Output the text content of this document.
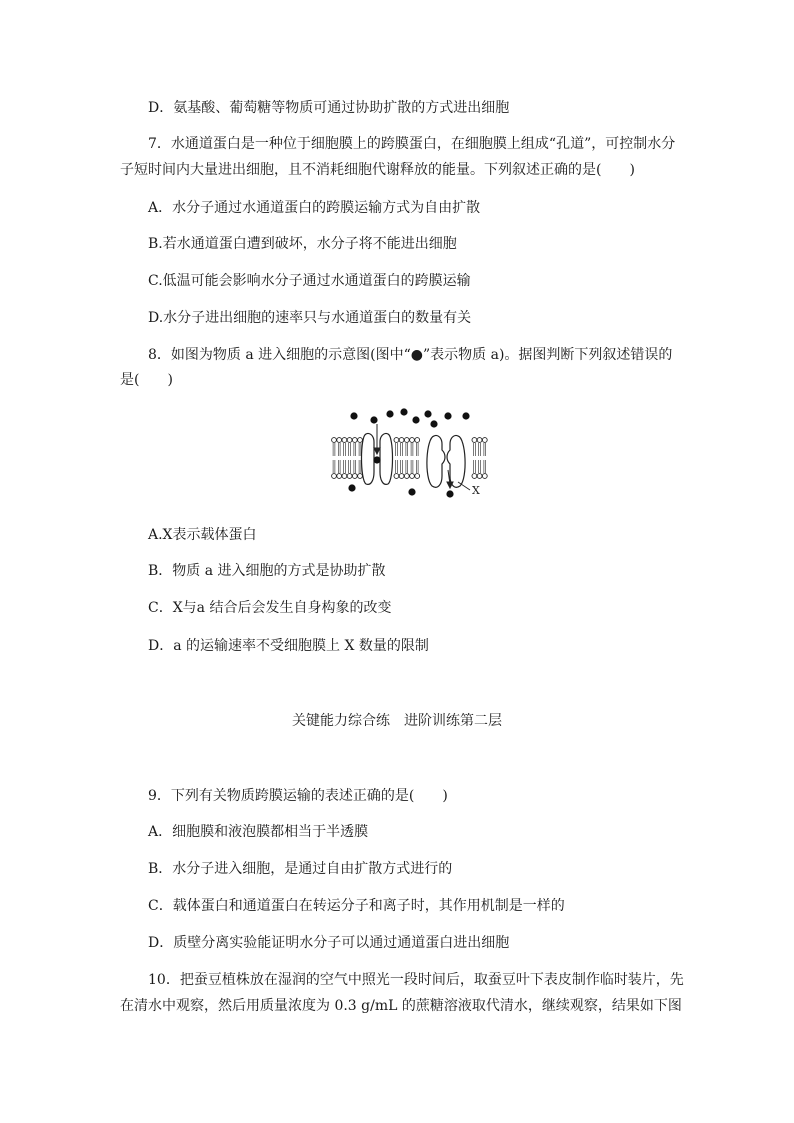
D．氨基酸、葡萄糖等物质可通过协助扩散的方式进出细胞
7．水通道蛋白是一种位于细胞膜上的跨膜蛋白，在细胞膜上组成“孔道”，可控制水分
子短时间内大量进出细胞，且不消耗细胞代谢释放的能量。下列叙述正确的是(　　)
A．水分子通过水通道蛋白的跨膜运输方式为自由扩散
B.若水通道蛋白遭到破坏，水分子将不能进出细胞
C.低温可能会影响水分子通过水通道蛋白的跨膜运输
D.水分子进出细胞的速率只与水通道蛋白的数量有关
8．如图为物质 a 进入细胞的示意图(图中“●”表示物质 a)。据图判断下列叙述错误的
是(　　)
X
A.X表示载体蛋白
B．物质 a 进入细胞的方式是协助扩散
C．X与a 结合后会发生自身构象的改变
D．a 的运输速率不受细胞膜上 X 数量的限制
关键能力综合练　进阶训练第二层
9．下列有关物质跨膜运输的表述正确的是(　　)
A．细胞膜和液泡膜都相当于半透膜
B．水分子进入细胞，是通过自由扩散方式进行的
C．载体蛋白和通道蛋白在转运分子和离子时，其作用机制是一样的
D．质壁分离实验能证明水分子可以通过通道蛋白进出细胞
10．把蚕豆植株放在湿润的空气中照光一段时间后，取蚕豆叶下表皮制作临时装片，先
在清水中观察，然后用质量浓度为 0.3 g/mL 的蔗糖溶液取代清水，继续观察，结果如下图
